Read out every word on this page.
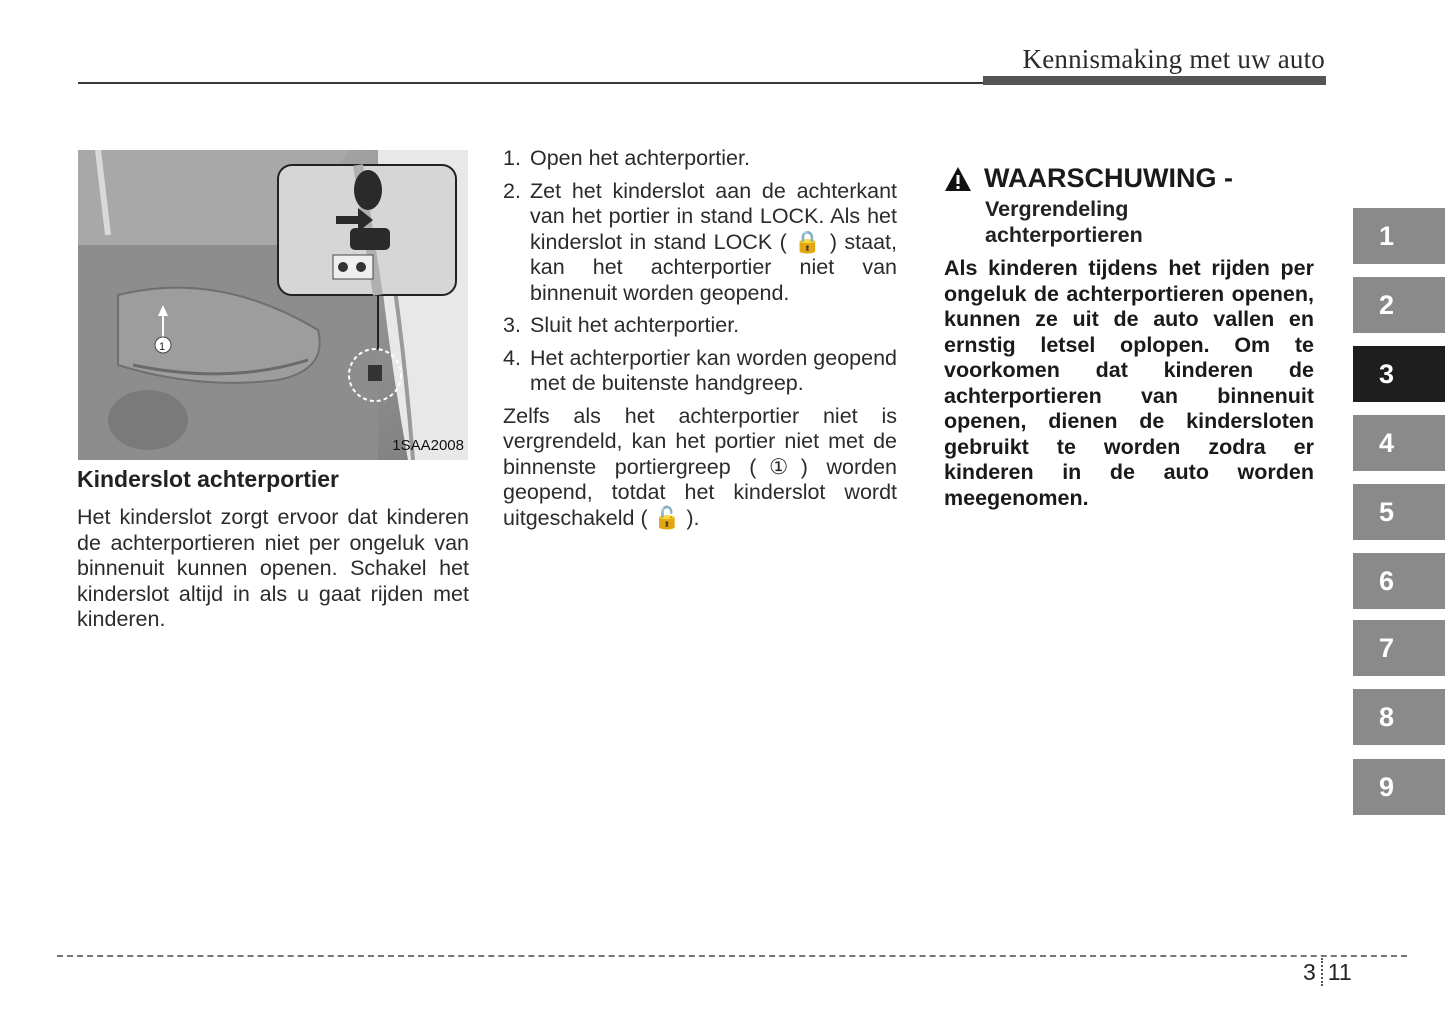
Kennismaking met uw auto
1
1SAA2008
Kinderslot achterportier

Het kinderslot zorgt ervoor dat kinderen de achterportieren niet per ongeluk van binnenuit kunnen openen. Schakel het kinderslot altijd in als u gaat rijden met kinderen.

1. Open het achterportier.
2. Zet het kinderslot aan de achterkant van het portier in stand LOCK. Als het kinderslot in stand LOCK ( 🔒 ) staat, kan het achterportier niet van binnenuit worden geopend.
3. Sluit het achterportier.
4. Het achterportier kan worden geopend met de buitenste handgreep.

Zelfs als het achterportier niet is vergrendeld, kan het portier niet met de binnenste portiergreep (①) worden geopend, totdat het kinderslot wordt uitgeschakeld ( 🔓 ).

WAARSCHUWING -
Vergrendeling
achterportieren
Als kinderen tijdens het rijden per ongeluk de achterportieren openen, kunnen ze uit de auto vallen en ernstig letsel oplopen. Om te voorkomen dat kinderen de achterportieren van binnenuit openen, dienen de kindersloten gebruikt te worden zodra er kinderen in de auto worden meegenomen.
1
2
3
4
5
6
7
8
9
3 11
